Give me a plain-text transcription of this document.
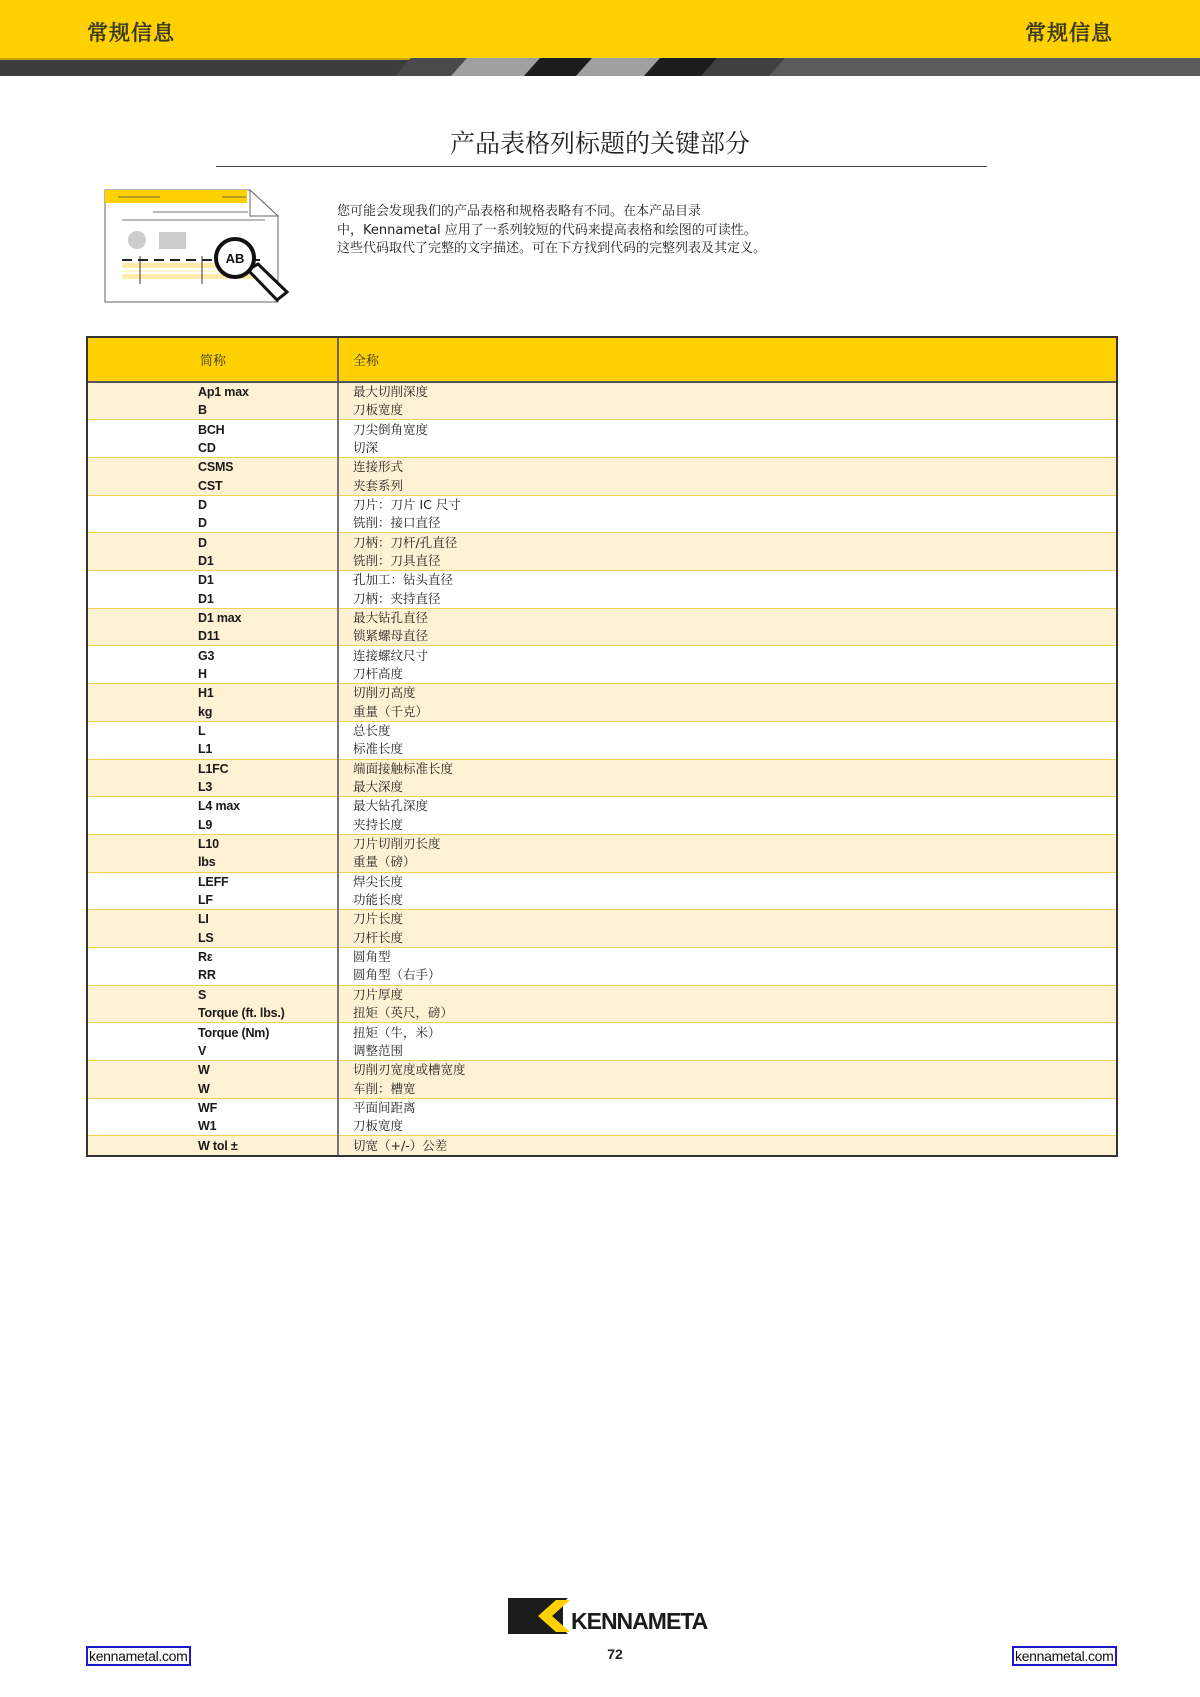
常规信息	常规信息
产品表格列标题的关键部分
AB
您可能会发现我们的产品表格和规格表略有不同。在本产品目录
中，Kennametal 应用了一系列较短的代码来提高表格和绘图的可读性。
这些代码取代了完整的文字描述。可在下方找到代码的完整列表及其定义。
简称	全称
Ap1 max	最大切削深度
B	刀板宽度
BCH	刀尖倒角宽度
CD	切深
CSMS	连接形式
CST	夹套系列
D	刀片：刀片 IC 尺寸
D	铣削：接口直径
D	刀柄：刀杆/孔直径
D1	铣削：刀具直径
D1	孔加工：钻头直径
D1	刀柄：夹持直径
D1 max	最大钻孔直径
D11	锁紧螺母直径
G3	连接螺纹尺寸
H	刀杆高度
H1	切削刃高度
kg	重量（千克）
L	总长度
L1	标准长度
L1FC	端面接触标准长度
L3	最大深度
L4 max	最大钻孔深度
L9	夹持长度
L10	刀片切削刃长度
lbs	重量（磅）
LEFF	焊尖长度
LF	功能长度
LI	刀片长度
LS	刀杆长度
Rε	圆角型
RR	圆角型（右手）
S	刀片厚度
Torque (ft. lbs.)	扭矩（英尺，磅）
Torque (Nm)	扭矩（牛，米）
V	调整范围
W	切削刃宽度或槽宽度
W	车削：槽宽
WF	平面间距离
W1	刀板宽度
W tol ±	切宽（+/-）公差
KENNAMETAL
72
kennametal.com	kennametal.com
